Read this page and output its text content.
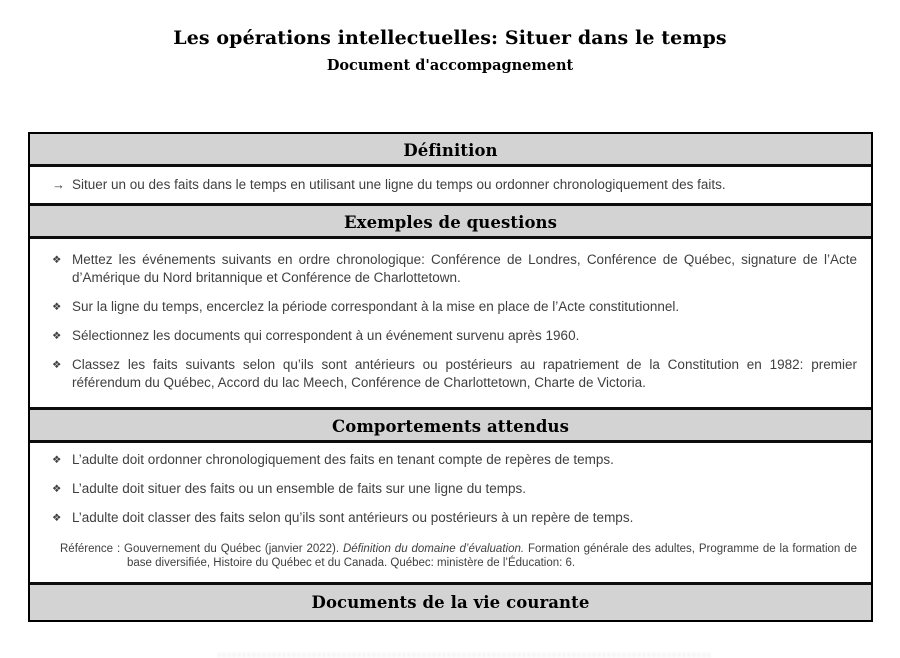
Les opérations intellectuelles: Situer dans le temps
Document d'accompagnement
Définition
→ Situer un ou des faits dans le temps en utilisant une ligne du temps ou ordonner chronologiquement des faits.
Exemples de questions
❖ Mettez les événements suivants en ordre chronologique: Conférence de Londres, Conférence de Québec, signature de l’Acte d’Amérique du Nord britannique et Conférence de Charlottetown.
❖ Sur la ligne du temps, encerclez la période correspondant à la mise en place de l’Acte constitutionnel.
❖ Sélectionnez les documents qui correspondent à un événement survenu après 1960.
❖ Classez les faits suivants selon qu’ils sont antérieurs ou postérieurs au rapatriement de la Constitution en 1982: premier référendum du Québec, Accord du lac Meech, Conférence de Charlottetown, Charte de Victoria.
Comportements attendus
❖ L’adulte doit ordonner chronologiquement des faits en tenant compte de repères de temps.
❖ L’adulte doit situer des faits ou un ensemble de faits sur une ligne du temps.
❖ L’adulte doit classer des faits selon qu’ils sont antérieurs ou postérieurs à un repère de temps.

Référence : Gouvernement du Québec (janvier 2022). Définition du domaine d’évaluation. Formation générale des adultes, Programme de la formation de base diversifiée, Histoire du Québec et du Canada. Québec: ministère de l’Éducation: 6.

Documents de la vie courante
